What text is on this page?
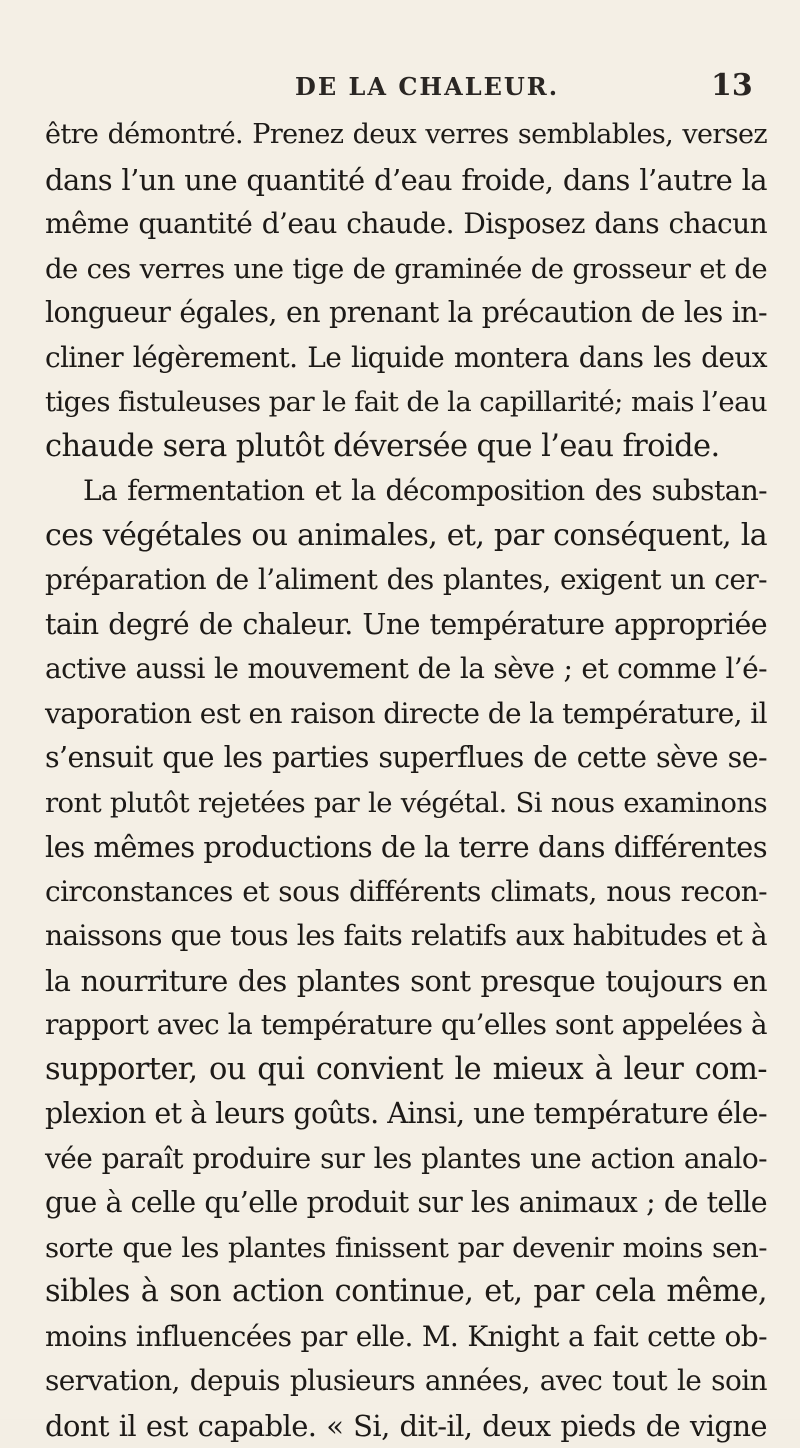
DE LA CHALEUR.	13
être démontré. Prenez deux verres semblables, versez
dans l’un une quantité d’eau froide, dans l’autre la
même quantité d’eau chaude. Disposez dans chacun
de ces verres une tige de graminée de grosseur et de
longueur égales, en prenant la précaution de les in-
cliner légèrement. Le liquide montera dans les deux
tiges fistuleuses par le fait de la capillarité; mais l’eau
chaude sera plutôt déversée que l’eau froide.
La fermentation et la décomposition des substan-
ces végétales ou animales, et, par conséquent, la
préparation de l’aliment des plantes, exigent un cer-
tain degré de chaleur. Une température appropriée
active aussi le mouvement de la sève ; et comme l’é-
vaporation est en raison directe de la température, il
s’ensuit que les parties superflues de cette sève se-
ront plutôt rejetées par le végétal. Si nous examinons
les mêmes productions de la terre dans différentes
circonstances et sous différents climats, nous recon-
naissons que tous les faits relatifs aux habitudes et à
la nourriture des plantes sont presque toujours en
rapport avec la température qu’elles sont appelées à
supporter, ou qui convient le mieux à leur com-
plexion et à leurs goûts. Ainsi, une température éle-
vée paraît produire sur les plantes une action analo-
gue à celle qu’elle produit sur les animaux ; de telle
sorte que les plantes finissent par devenir moins sen-
sibles à son action continue, et, par cela même,
moins influencées par elle. M. Knight a fait cette ob-
servation, depuis plusieurs années, avec tout le soin
dont il est capable. « Si, dit-il, deux pieds de vigne
